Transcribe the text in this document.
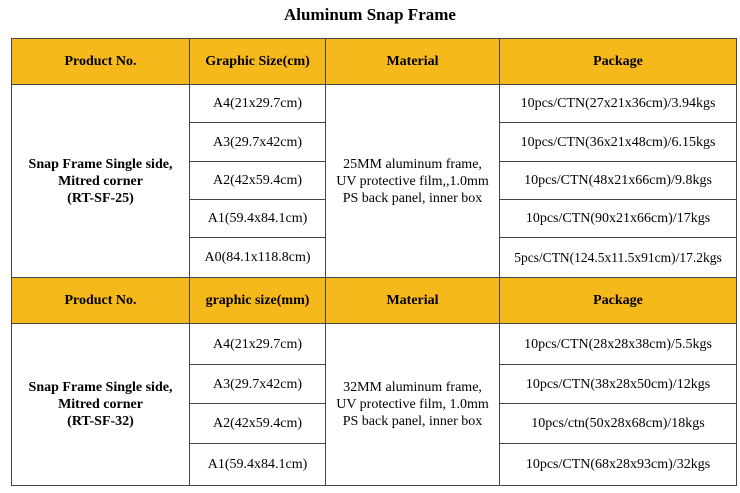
Aluminum Snap Frame
Product No.	Graphic Size(cm)	Material	Package
Snap Frame Single side,
Mitred corner
(RT-SF-25)	A4(21x29.7cm)	25MM aluminum frame,
UV protective film,,1.0mm
PS back panel, inner box	10pcs/CTN(27x21x36cm)/3.94kgs
	A3(29.7x42cm)		10pcs/CTN(36x21x48cm)/6.15kgs
	A2(42x59.4cm)		10pcs/CTN(48x21x66cm)/9.8kgs
	A1(59.4x84.1cm)		10pcs/CTN(90x21x66cm)/17kgs
	A0(84.1x118.8cm)		5pcs/CTN(124.5x11.5x91cm)/17.2kgs
Product No.	graphic size(mm)	Material	Package
Snap Frame Single side,
Mitred corner
(RT-SF-32)	A4(21x29.7cm)	32MM aluminum frame,
UV protective film, 1.0mm
PS back panel, inner box	10pcs/CTN(28x28x38cm)/5.5kgs
	A3(29.7x42cm)		10pcs/CTN(38x28x50cm)/12kgs
	A2(42x59.4cm)		10pcs/ctn(50x28x68cm)/18kgs
	A1(59.4x84.1cm)		10pcs/CTN(68x28x93cm)/32kgs
